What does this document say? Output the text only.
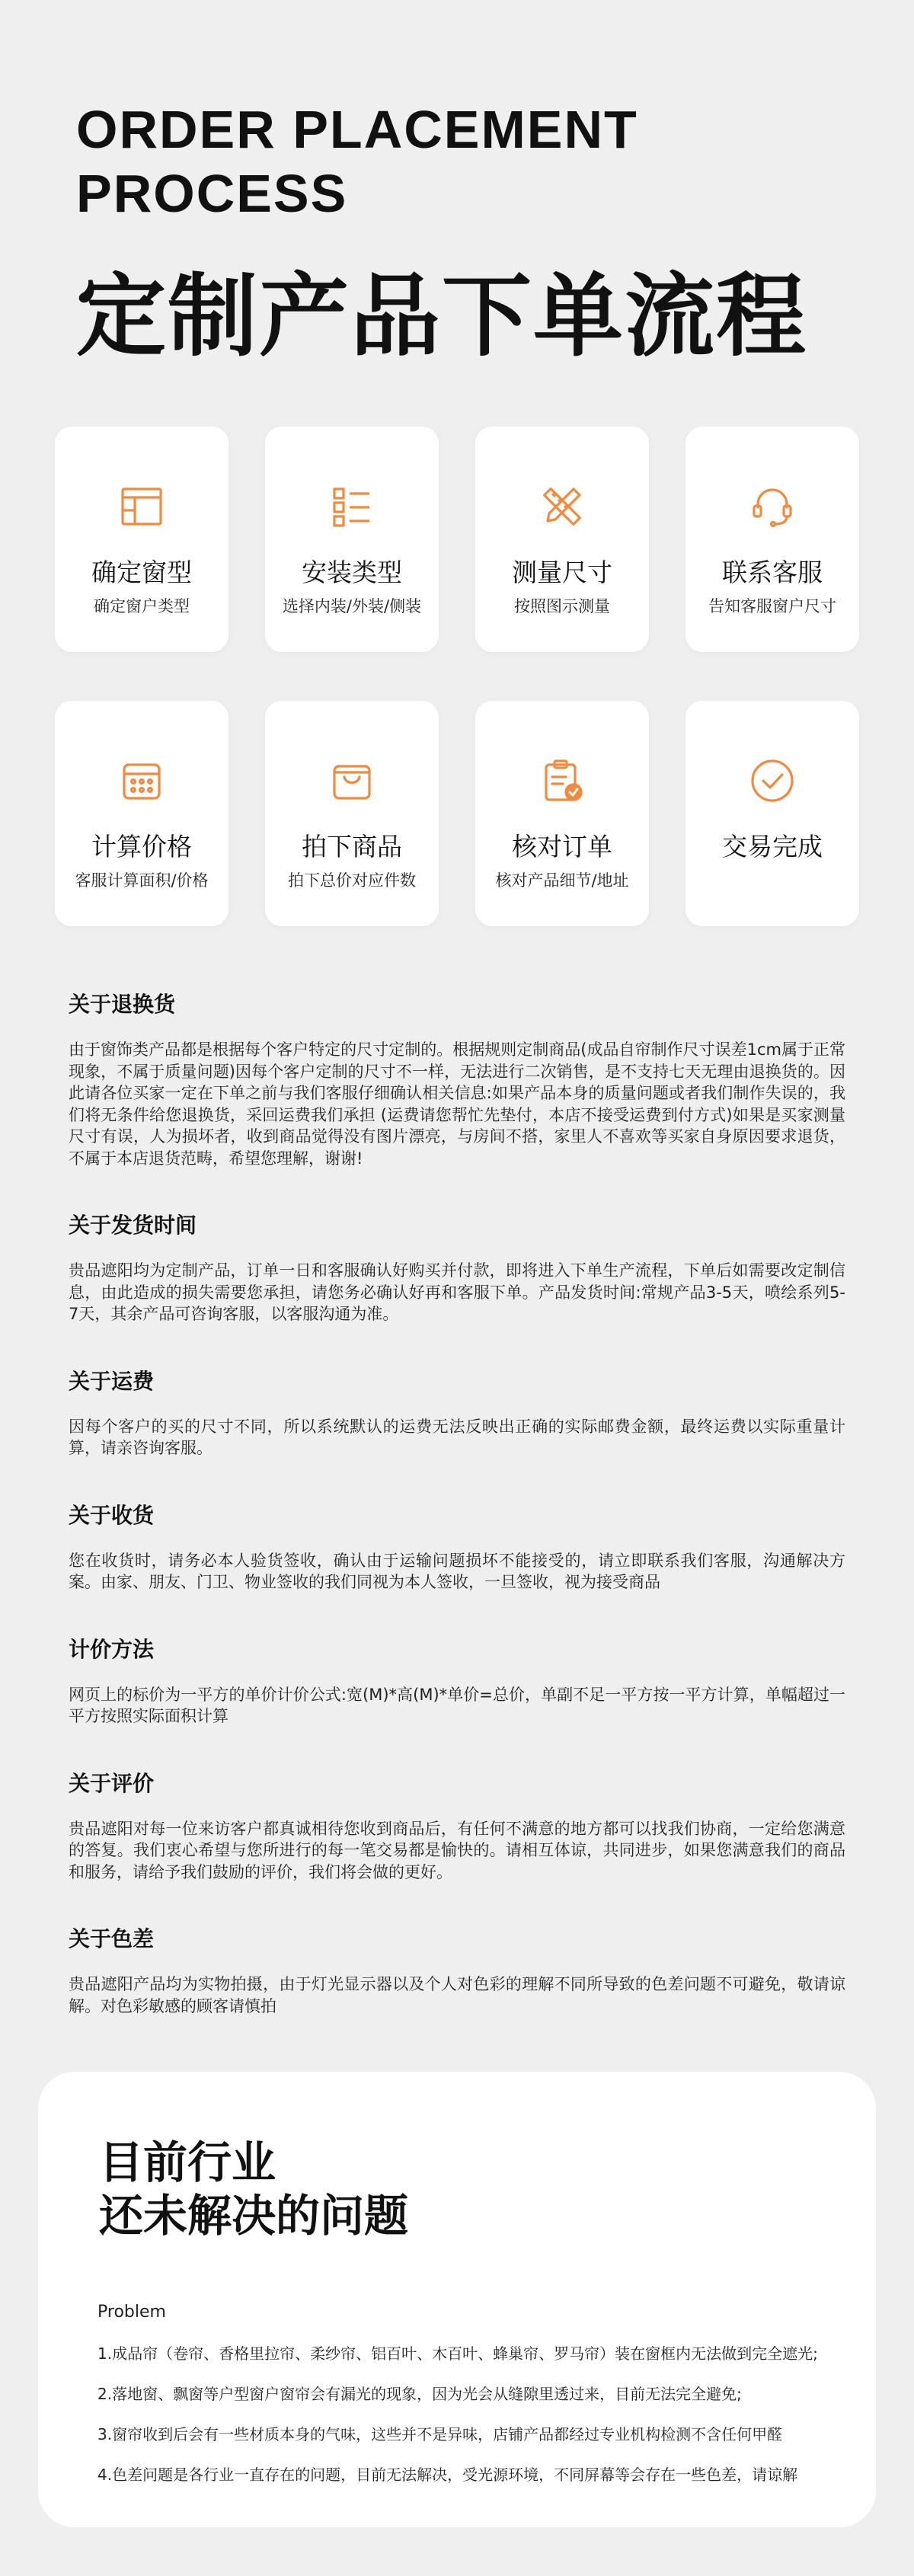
ORDER PLACEMENT
PROCESS
定制产品下单流程
确定窗型
确定窗户类型
安装类型
选择内装/外装/侧装
测量尺寸
按照图示测量
联系客服
告知客服窗户尺寸
计算价格
客服计算面积/价格
拍下商品
拍下总价对应件数
核对订单
核对产品细节/地址
交易完成
关于退换货

由于窗饰类产品都是根据每个客户特定的尺寸定制的。根据规则定制商品(成品自帘制作尺寸误差1cm属于正常现象，不属于质量问题)因每个客户定制的尺寸不一样，无法进行二次销售，是不支持七天无理由退换货的。因此请各位买家一定在下单之前与我们客服仔细确认相关信息:如果产品本身的质量问题或者我们制作失误的，我们将无条件给您退换货，采回运费我们承担 (运费请您帮忙先垫付，本店不接受运费到付方式)如果是买家测量尺寸有误，人为损坏者，收到商品觉得没有图片漂亮，与房间不搭，家里人不喜欢等买家自身原因要求退货，不属于本店退货范畴，希望您理解，谢谢!

关于发货时间

贵品遮阳均为定制产品，订单一日和客服确认好购买并付款，即将进入下单生产流程，下单后如需要改定制信息，由此造成的损失需要您承担，请您务必确认好再和客服下单。产品发货时间:常规产品3-5天，喷绘系列5-7天，其余产品可咨询客服，以客服沟通为准。

关于运费

因每个客户的买的尺寸不同，所以系统默认的运费无法反映出正确的实际邮费金额，最终运费以实际重量计算，请亲咨询客服。

关于收货

您在收货时，请务必本人验货签收，确认由于运输问题损坏不能接受的，请立即联系我们客服，沟通解决方案。由家、朋友、门卫、物业签收的我们同视为本人签收，一旦签收，视为接受商品

计价方法

网页上的标价为一平方的单价计价公式:宽(M)*高(M)*单价=总价，单副不足一平方按一平方计算，单幅超过一平方按照实际面积计算

关于评价

贵品遮阳对每一位来访客户都真诚相待您收到商品后，有任何不满意的地方都可以找我们协商，一定给您满意的答复。我们衷心希望与您所进行的每一笔交易都是愉快的。请相互体谅，共同进步，如果您满意我们的商品和服务，请给予我们鼓励的评价，我们将会做的更好。

关于色差

贵品遮阳产品均为实物拍摄，由于灯光显示器以及个人对色彩的理解不同所导致的色差问题不可避免，敬请谅解。对色彩敏感的顾客请慎拍

目前行业
还未解决的问题
Problem
1.成品帘（卷帘、香格里拉帘、柔纱帘、铝百叶、木百叶、蜂巢帘、罗马帘）装在窗框内无法做到完全遮光;
2.落地窗、飘窗等户型窗户窗帘会有漏光的现象，因为光会从缝隙里透过来，目前无法完全避免;
3.窗帘收到后会有一些材质本身的气味，这些并不是异味，店铺产品都经过专业机构检测不含任何甲醛
4.色差问题是各行业一直存在的问题，目前无法解决，受光源环境，不同屏幕等会存在一些色差，请谅解
